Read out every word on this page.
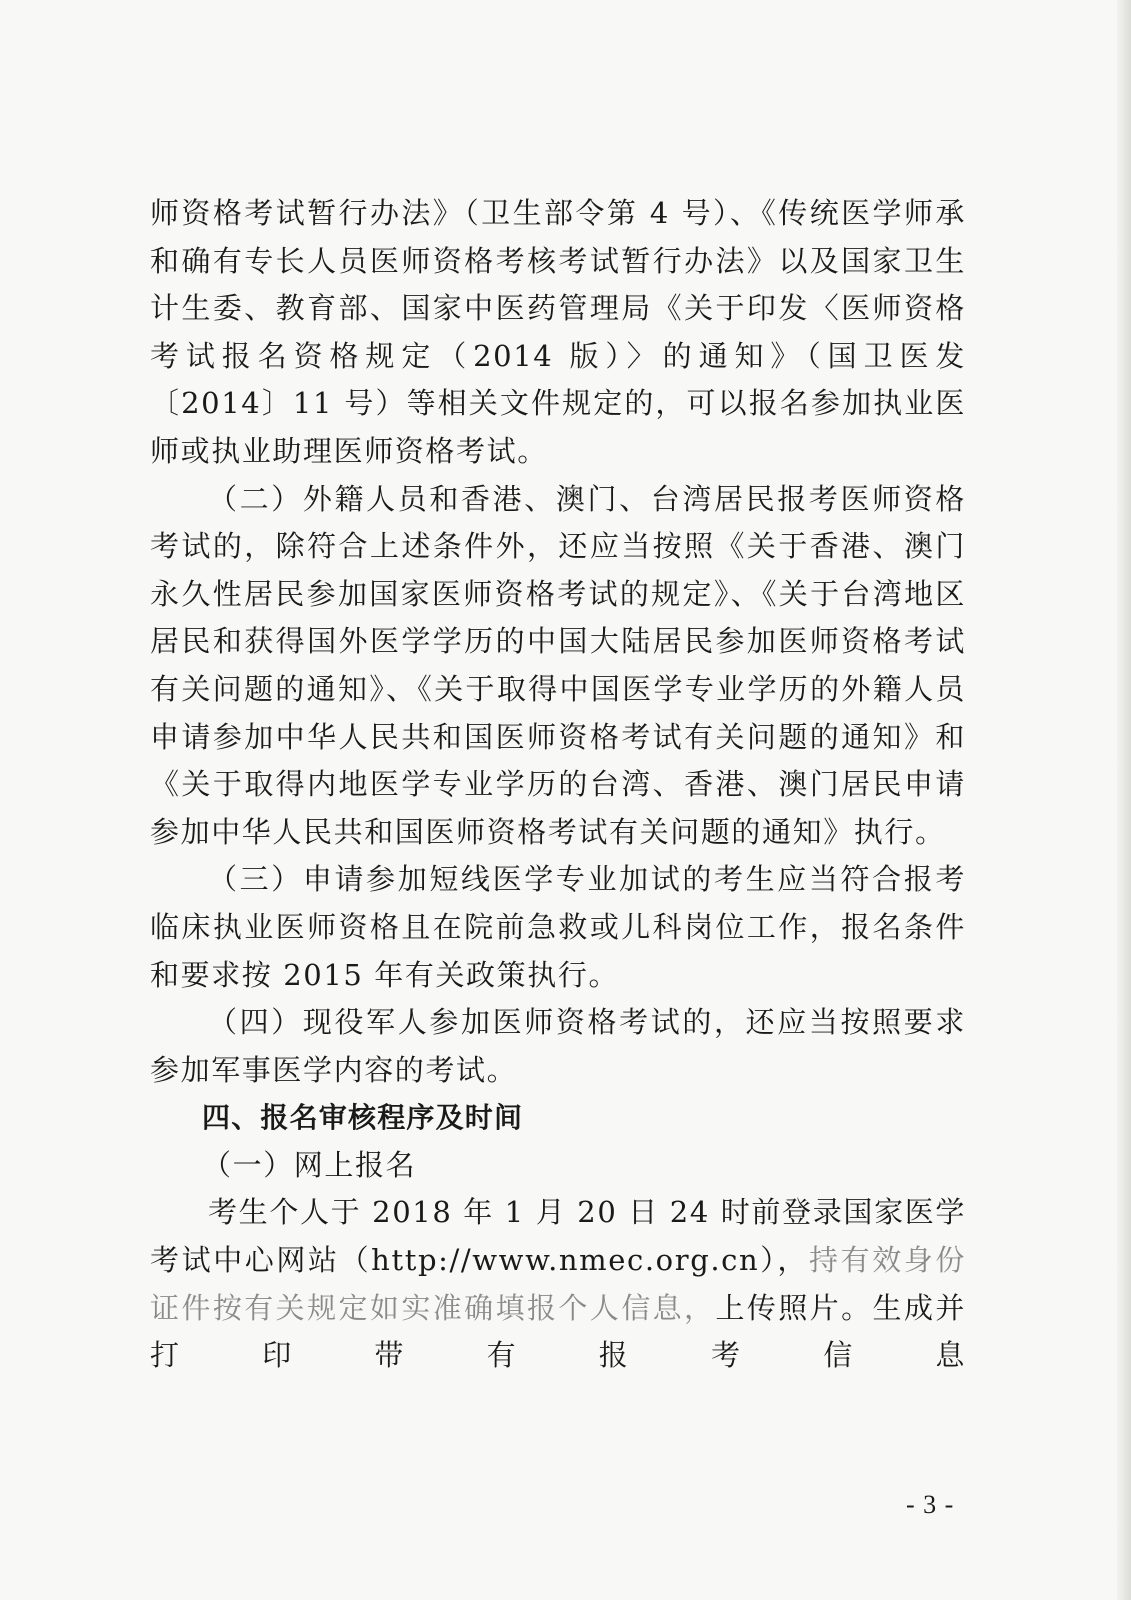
师资格考试暂行办法》（卫生部令第 4 号）、《传统医学师承和确有专长人员医师资格考核考试暂行办法》以及国家卫生计生委、教育部、国家中医药管理局《关于印发〈医师资格考试报名资格规定（2014 版）〉的通知》（国卫医发〔2014〕11 号）等相关文件规定的，可以报名参加执业医师或执业助理医师资格考试。

（二）外籍人员和香港、澳门、台湾居民报考医师资格考试的，除符合上述条件外，还应当按照《关于香港、澳门永久性居民参加国家医师资格考试的规定》、《关于台湾地区居民和获得国外医学学历的中国大陆居民参加医师资格考试有关问题的通知》、《关于取得中国医学专业学历的外籍人员申请参加中华人民共和国医师资格考试有关问题的通知》和《关于取得内地医学专业学历的台湾、香港、澳门居民申请参加中华人民共和国医师资格考试有关问题的通知》执行。

（三）申请参加短线医学专业加试的考生应当符合报考临床执业医师资格且在院前急救或儿科岗位工作，报名条件和要求按 2015 年有关政策执行。

（四）现役军人参加医师资格考试的，还应当按照要求参加军事医学内容的考试。

四、报名审核程序及时间

（一）网上报名

考生个人于 2018 年 1 月 20 日 24 时前登录国家医学考试中心网站（http://www.nmec.org.cn），持有效身份证件按有关规定如实准确填报个人信息，上传照片。生成并打印带有报考信息

- 3 -
